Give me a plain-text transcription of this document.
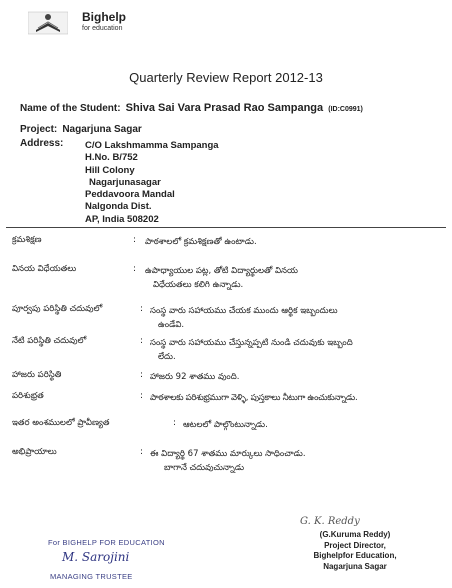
Bighelp
for education
Quarterly Review Report 2012-13
Name of the Student: Shiva Sai Vara Prasad Rao Sampanga (ID:C0991)
Project: Nagarjuna Sagar
Address: C/O Lakshmamma Sampanga
H.No. B/752
Hill Colony
Nagarjunasagar
Peddavoora Mandal
Nalgonda Dist.
AP, India 508202
క్రమశిక్షణ	: పాఠశాలలో క్రమశిక్షణతో ఉంటాడు.
వినయ విధేయతలు	: ఉపాధ్యాయుల పట్ల, తోటి విద్యార్థులతో వినయ
విధేయతలు కలిగి ఉన్నాడు.
పూర్వపు పరిస్థితి చదువులో	: సంస్థ వారు సహాయము చేయక ముందు ఆర్థిక ఇబ్బందులు
ఉండేవి.
నేటి పరిస్థితి చదువులో	: సంస్థ వారు సహాయము చేస్తున్నప్పటి నుండి చదువుకు ఇబ్బంది
లేదు.
హాజరు పరిస్థితి	: హాజరు 92 శాతము వుంది.
పరిశుభ్రత	: పాఠశాలకు పరిశుభ్రముగా వెళ్ళి, పుస్తకాలు నీటుగా ఉంచుకున్నాడు.
ఇతర అంశములలో ప్రావీణ్యత	: ఆటలలో పాల్గొంటున్నాడు.
అభిప్రాయాలు	: ఈ విద్యార్థి 67 శాతము మార్కులు సాధించాడు.
బాగానే చదువుచున్నాడు
For BIGHELP FOR EDUCATION
M. Sarojini
MANAGING TRUSTEE
G. K. Reddy
(G.Kuruma Reddy)
Project Director,
Bighelpfor Education,
Nagarjuna Sagar
